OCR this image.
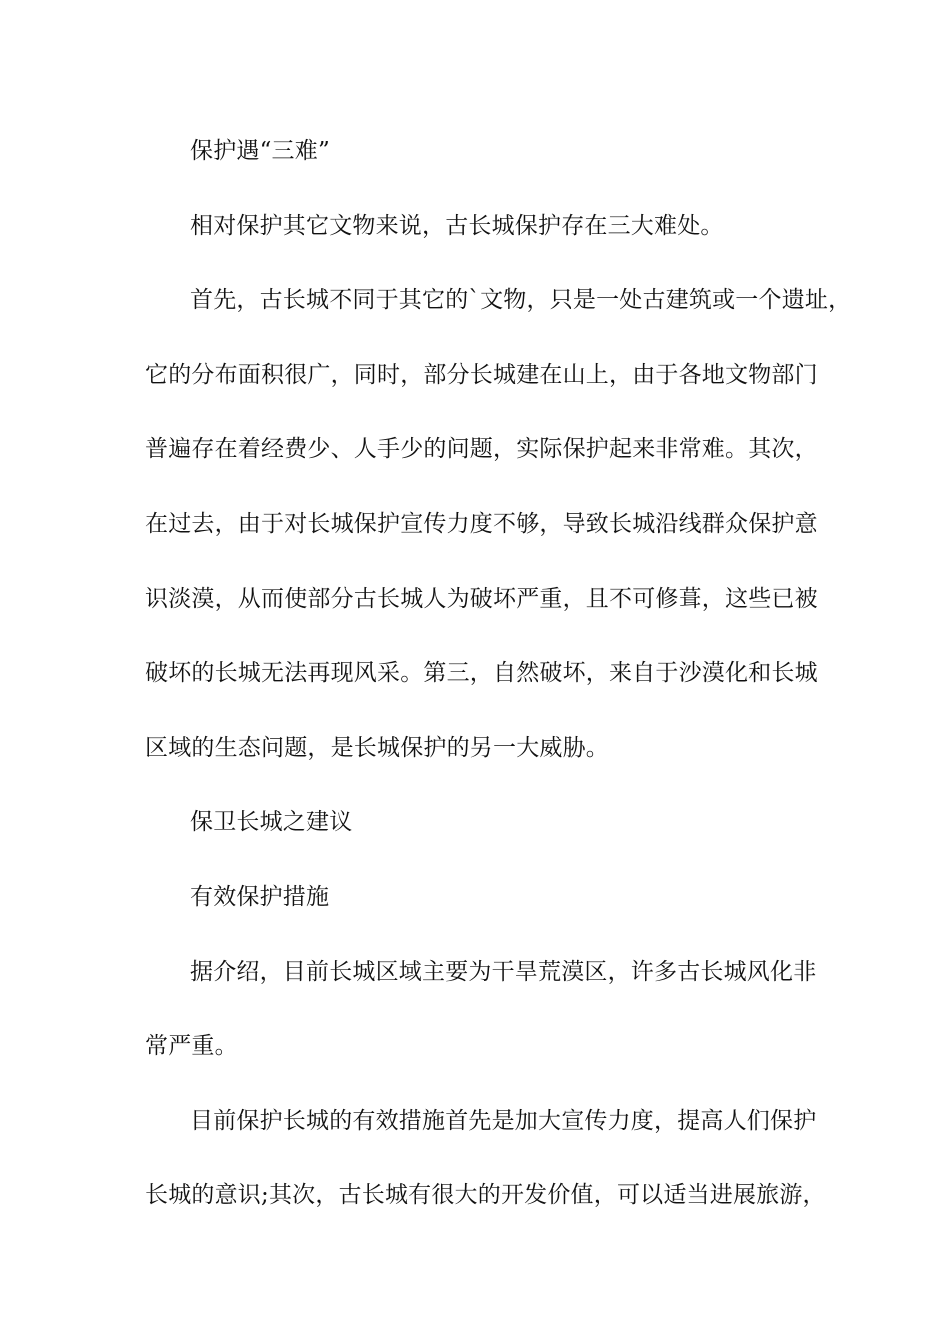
保护遇“三难”
相对保护其它文物来说，古长城保护存在三大难处。
首先，古长城不同于其它的`文物，只是一处古建筑或一个遗址，
它的分布面积很广，同时，部分长城建在山上，由于各地文物部门
普遍存在着经费少、人手少的问题，实际保护起来非常难。其次，
在过去，由于对长城保护宣传力度不够，导致长城沿线群众保护意
识淡漠，从而使部分古长城人为破坏严重，且不可修葺，这些已被
破坏的长城无法再现风采。第三，自然破坏，来自于沙漠化和长城
区域的生态问题，是长城保护的另一大威胁。
保卫长城之建议
有效保护措施
据介绍，目前长城区域主要为干旱荒漠区，许多古长城风化非
常严重。
目前保护长城的有效措施首先是加大宣传力度，提高人们保护
长城的意识;其次，古长城有很大的开发价值，可以适当进展旅游，
